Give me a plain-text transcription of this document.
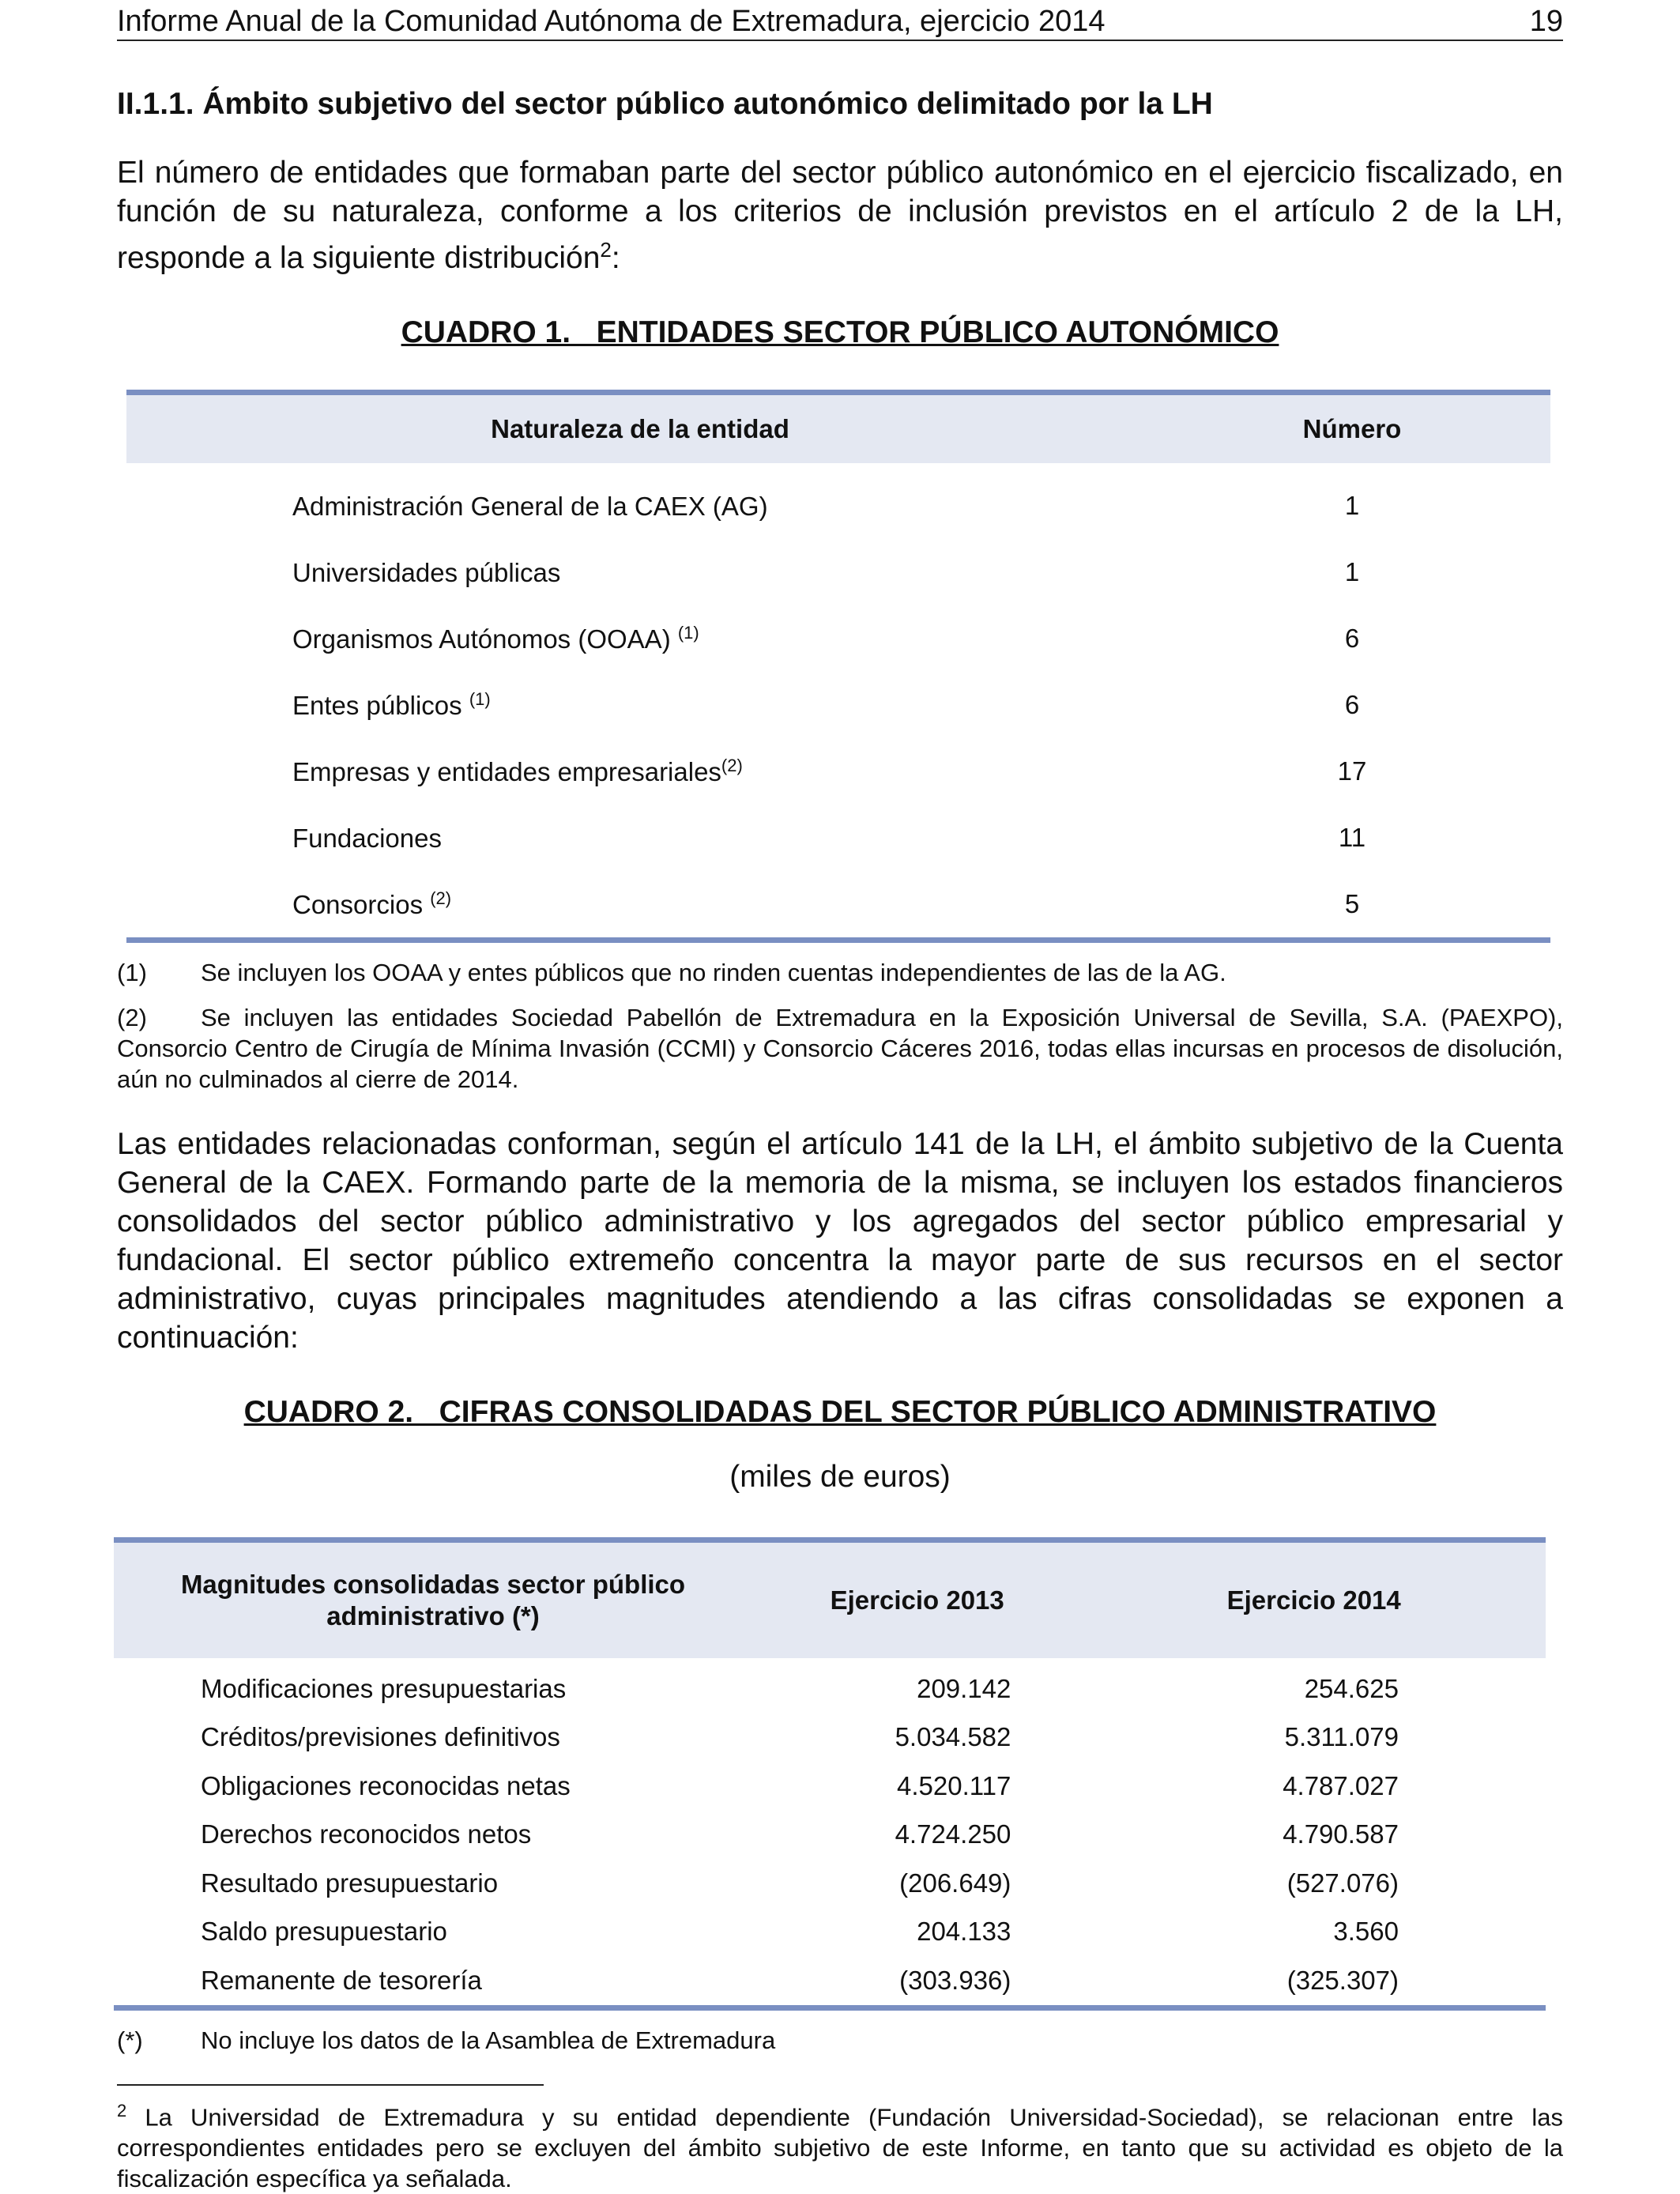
Informe Anual de la Comunidad Autónoma de Extremadura, ejercicio 2014	19
II.1.1. Ámbito subjetivo del sector público autonómico delimitado por la LH

El número de entidades que formaban parte del sector público autonómico en el ejercicio fiscalizado, en función de su naturaleza, conforme a los criterios de inclusión previstos en el artículo 2 de la LH, responde a la siguiente distribución$^2$:

CUADRO 1.   ENTIDADES SECTOR PÚBLICO AUTONÓMICO
Naturaleza de la entidad	Número
Administración General de la CAEX (AG)	1
Universidades públicas	1
Organismos Autónomos (OOAA) $^{(1)}$	6
Entes públicos $^{(1)}$	6
Empresas y entidades empresariales$^{(2)}$	17
Fundaciones	11
Consorcios $^{(2)}$	5
(1)	Se incluyen los OOAA y entes públicos que no rinden cuentas independientes de las de la AG.
(2) Se incluyen las entidades Sociedad Pabellón de Extremadura en la Exposición Universal de Sevilla, S.A. (PAEXPO), Consorcio Centro de Cirugía de Mínima Invasión (CCMI) y Consorcio Cáceres 2016, todas ellas incursas en procesos de disolución, aún no culminados al cierre de 2014.

Las entidades relacionadas conforman, según el artículo 141 de la LH, el ámbito subjetivo de la Cuenta General de la CAEX. Formando parte de la memoria de la misma, se incluyen los estados financieros consolidados del sector público administrativo y los agregados del sector público empresarial y fundacional. El sector público extremeño concentra la mayor parte de sus recursos en el sector administrativo, cuyas principales magnitudes atendiendo a las cifras consolidadas se exponen a continuación:

CUADRO 2.   CIFRAS CONSOLIDADAS DEL SECTOR PÚBLICO ADMINISTRATIVO
(miles de euros)
Magnitudes consolidadas sector público
administrativo (*)	Ejercicio 2013	Ejercicio 2014
Modificaciones presupuestarias	209.142	254.625
Créditos/previsiones definitivos	5.034.582	5.311.079
Obligaciones reconocidas netas	4.520.117	4.787.027
Derechos reconocidos netos	4.724.250	4.790.587
Resultado presupuestario	(206.649)	(527.076)
Saldo presupuestario	204.133	3.560
Remanente de tesorería	(303.936)	(325.307)
(*)	No incluye los datos de la Asamblea de Extremadura
$^2$ La Universidad de Extremadura y su entidad dependiente (Fundación Universidad-Sociedad), se relacionan entre las correspondientes entidades pero se excluyen del ámbito subjetivo de este Informe, en tanto que su actividad es objeto de la fiscalización específica ya señalada.
